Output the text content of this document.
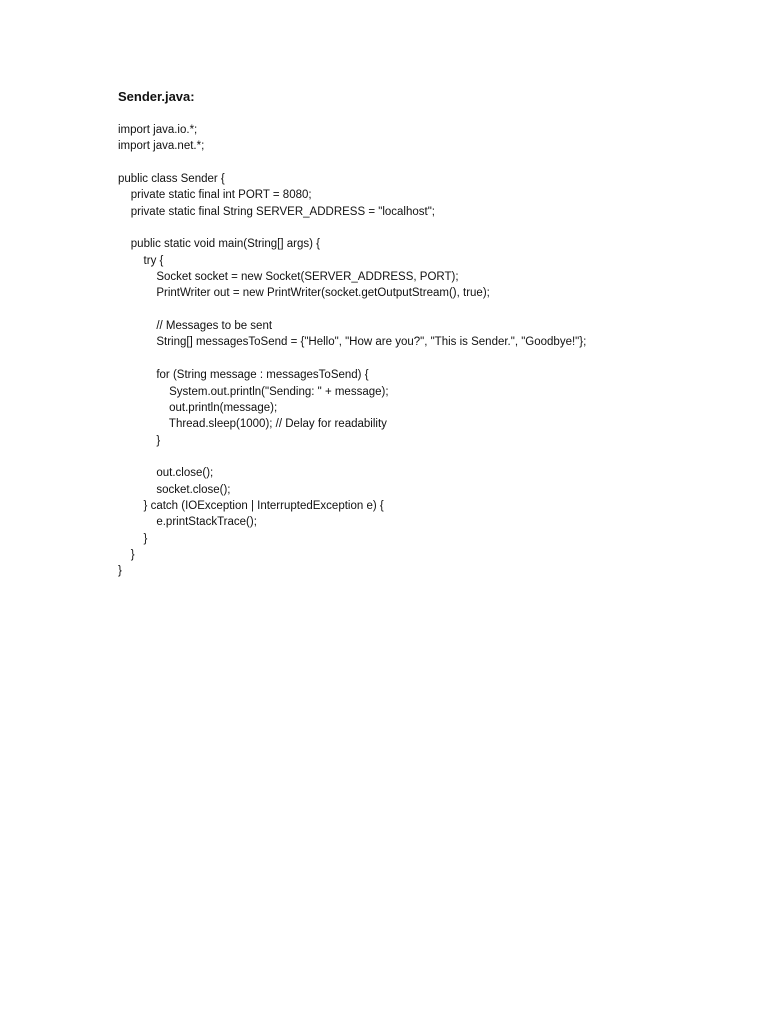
Sender.java:
import java.io.*;
import java.net.*;
public class Sender {
private static final int PORT = 8080;
private static final String SERVER_ADDRESS = "localhost";
public static void main(String[] args) {
try {
Socket socket = new Socket(SERVER_ADDRESS, PORT);
PrintWriter out = new PrintWriter(socket.getOutputStream(), true);
// Messages to be sent
String[] messagesToSend = {"Hello", "How are you?", "This is Sender.", "Goodbye!"};
for (String message : messagesToSend) {
System.out.println("Sending: " + message);
out.println(message);
Thread.sleep(1000); // Delay for readability
}
out.close();
socket.close();
} catch (IOException | InterruptedException e) {
e.printStackTrace();
}
}
}
